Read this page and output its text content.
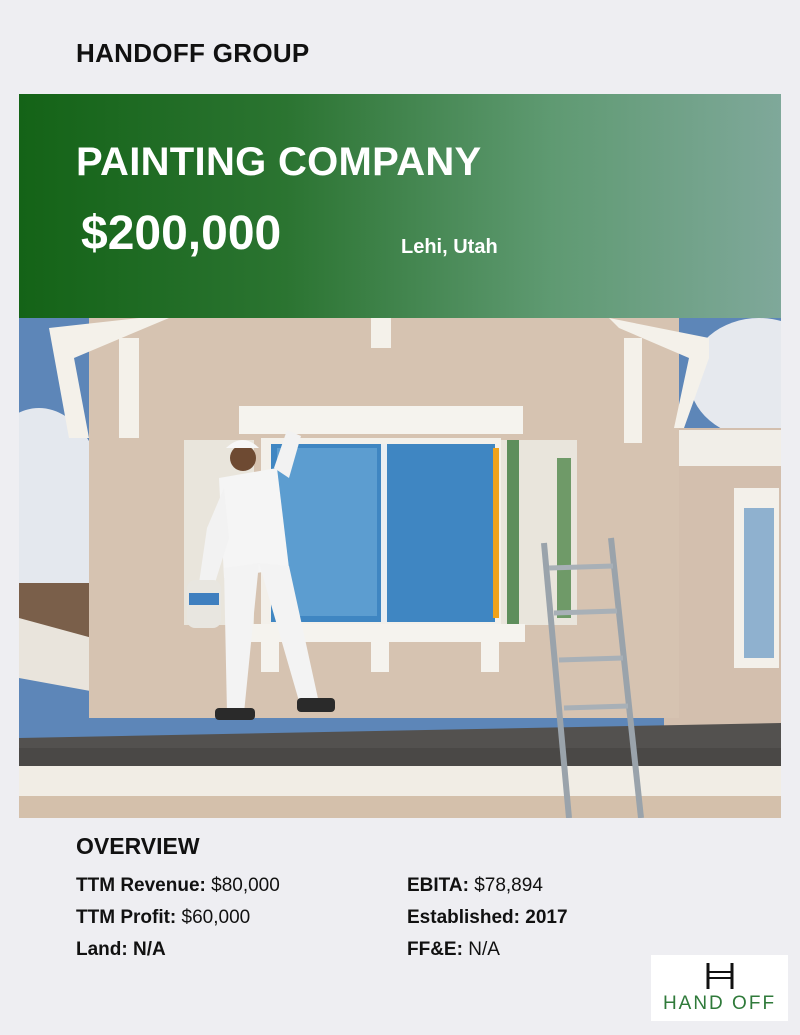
HANDOFF GROUP
PAINTING COMPANY
$200,000	Lehi, Utah
OVERVIEW
TTM Revenue: $80,000
TTM Profit: $60,000
Land: N/A
EBITA: $78,894
Established: 2017
FF&E: N/A
HAND OFF
